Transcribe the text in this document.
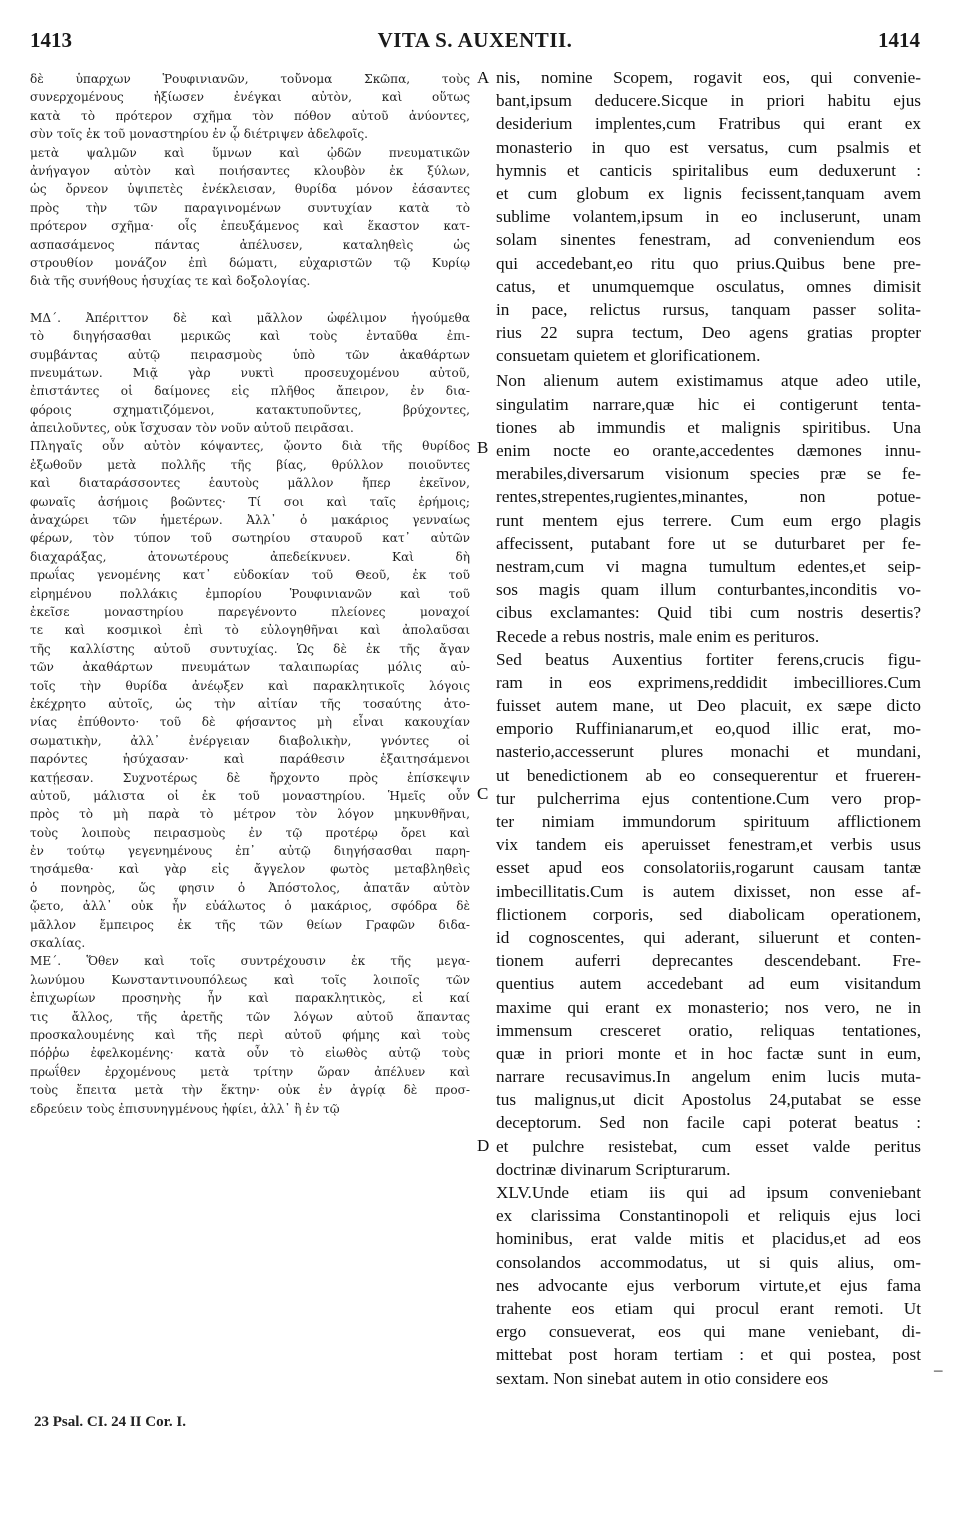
1413	VITA S. AUXENTII.	1414
δὲ ὑπαρχων Ῥουφινιανῶν, τοὔνομα Σκῶπα, τοὺς
συνερχομένους ἠξίωσεν ἐνέγκαι αὐτὸν, καὶ οὕτως
κατὰ τὸ πρότερον σχῆμα τὸν πόθον αὐτοῦ ἀνύοντες,
σὺν τοῖς ἐκ τοῦ μοναστηρίου ἐν ᾧ διέτριψεν ἀδελφοῖς.
μετὰ ψαλμῶν καὶ ὕμνων καὶ ᾠδῶν πνευματικῶν
ἀνήγαγον αὐτὸν καὶ ποιήσαντες κλουβὸν ἐκ ξύλων,
ὡς ὄρνεον ὑψιπετὲς ἐνέκλεισαν, θυρίδα μόνον ἐάσαντες
πρὸς τὴν τῶν παραγινομένων συντυχίαν κατὰ τὸ
πρότερον σχῆμα· οἷς ἐπευξάμενος καὶ ἕκαστον κατ-
ασπασάμενος πάντας ἀπέλυσεν, καταληθεὶς ὡς
στρουθίον μονάζον ἐπὶ δώματι, εὐχαριστῶν τῷ Κυρίῳ
διὰ τῆς συνήθους ἡσυχίας τε καὶ δοξολογίας.
ΜΔ΄. Ἀπέριττον δὲ καὶ μᾶλλον ὠφέλιμον ἡγούμεθα
τὸ διηγήσασθαι μερικῶς καὶ τοὺς ἐνταῦθα ἐπι-
συμβάντας αὐτῷ πειρασμοὺς ὑπὸ τῶν ἀκαθάρτων
πνευμάτων. Μιᾷ γὰρ νυκτὶ προσευχομένου αὐτοῦ,
ἐπιστάντες οἱ δαίμονες εἰς πλῆθος ἄπειρον, ἐν δια-
φόροις σχηματιζόμενοι, κατακτυποῦντες, βρύχοντες,
ἀπειλοῦντες, οὐκ ἴσχυσαν τὸν νοῦν αὐτοῦ πειρᾶσαι.
Πληγαῖς οὖν αὐτὸν κόψαντες, ᾤοντο διὰ τῆς θυρίδος
ἐξωθοῦν μετὰ πολλῆς τῆς βίας, θρύλλον ποιοῦντες
καὶ διαταράσσοντες ἑαυτοὺς μᾶλλον ἤπερ ἐκεῖνον,
φωναῖς ἀσήμοις βοῶντες· Τί σοι καὶ ταῖς ἐρήμοις;
ἀναχώρει τῶν ἡμετέρων. Ἀλλ᾽ ὁ μακάριος γενναίως
φέρων, τὸν τύπον τοῦ σωτηρίου σταυροῦ κατ᾽ αὐτῶν
διαχαράξας, ἀτονωτέρους ἀπεδείκνυεν. Καὶ δὴ
πρωΐας γενομένης κατ᾽ εὐδοκίαν τοῦ Θεοῦ, ἐκ τοῦ
εἰρημένου πολλάκις ἐμπορίου Ῥουφινιανῶν καὶ τοῦ
ἐκεῖσε μοναστηρίου παρεγένοντο πλείονες μοναχοί
τε καὶ κοσμικοὶ ἐπὶ τὸ εὐλογηθῆναι καὶ ἀπολαῦσαι
τῆς καλλίστης αὐτοῦ συντυχίας. Ὡς δὲ ἐκ τῆς ἄγαν
τῶν ἀκαθάρτων πνευμάτων ταλαιπωρίας μόλις αὐ-
τοῖς τὴν θυρίδα ἀνέῳξεν καὶ παρακλητικοῖς λόγοις
ἐκέχρητο αὐτοῖς, ὡς τὴν αἰτίαν τῆς τοσαύτης ἀτο-
νίας ἐπύθοντο· τοῦ δὲ φήσαντος μὴ εἶναι κακουχίαν
σωματικὴν, ἀλλ᾽ ἐνέργειαν διαβολικὴν, γνόντες οἱ
παρόντες ἡσύχασαν· καὶ παράθεσιν ἐξαιτησάμενοι
κατῄεσαν. Συχνοτέρως δὲ ἤρχοντο πρὸς ἐπίσκεψιν
αὐτοῦ, μάλιστα οἱ ἐκ τοῦ μοναστηρίου. Ἡμεῖς οὖν
πρὸς τὸ μὴ παρὰ τὸ μέτρον τὸν λόγον μηκυνθῆναι,
τοὺς λοιποὺς πειρασμοὺς ἐν τῷ προτέρῳ ὄρει καὶ
ἐν τούτῳ γεγενημένους ἐπ᾽ αὐτῷ διηγήσασθαι παρη-
τησάμεθα· καὶ γὰρ εἰς ἄγγελον φωτὸς μεταβληθεὶς
ὁ πονηρὸς, ὥς φησιν ὁ Ἀπόστολος, ἀπατᾶν αὐτὸν
ᾤετο, ἀλλ᾽ οὐκ ἦν εὐάλωτος ὁ μακάριος, σφόδρα δὲ
μᾶλλον ἔμπειρος ἐκ τῆς τῶν θείων Γραφῶν διδα-
σκαλίας.
ΜΕ΄. Ὅθεν καὶ τοῖς συντρέχουσιν ἐκ τῆς μεγα-
λωνύμου Κωνσταντινουπόλεως καὶ τοῖς λοιποῖς τῶν
ἐπιχωρίων προσηνὴς ἦν καὶ παρακλητικὸς, εἰ καί
τις ἄλλος, τῆς ἀρετῆς τῶν λόγων αὐτοῦ ἅπαντας
προσκαλουμένης καὶ τῆς περὶ αὐτοῦ φήμης καὶ τοὺς
πόῤῥω ἐφελκομένης· κατὰ οὖν τὸ εἰωθὸς αὐτῷ τοὺς
πρωΐθεν ἐρχομένους μετὰ τρίτην ὥραν ἀπέλυεν καὶ
τοὺς ἔπειτα μετὰ τὴν ἕκτην· οὐκ ἐν ἀγρίᾳ δὲ προσ-
εδρεύειν τοὺς ἐπισυνηγμένους ἠφίει, ἀλλ᾽ ἢ ἐν τῷ
nis, nomine Scopem, rogavit eos, qui convenie-
bant,ipsum deducere.Sicque in priori habitu ejus
desiderium implentes,cum Fratribus qui erant ex
monasterio in quo est versatus, cum psalmis et
hymnis et canticis spiritalibus eum deduxerunt :
et cum globum ex lignis fecissent,tanquam avem
sublime volantem,ipsum in eo incluserunt, unam
solam sinentes fenestram, ad conveniendum eos
qui accedebant,eo ritu quo prius.Quibus bene pre-
catus, et unumquemque osculatus, omnes dimisit
in pace, relictus rursus, tanquam passer solita-
rius 22 supra tectum, Deo agens gratias propter
consuetam quietem et glorificationem.
Non alienum autem existimamus atque adeo utile,
singulatim narrare,quæ hic ei contigerunt tenta-
tiones ab immundis et malignis spiritibus. Una
enim nocte eo orante,accedentes dæmones innu-
merabiles,diversarum visionum species præ se fe-
rentes,strepentes,rugientes,minantes, non potue-
runt mentem ejus terrere. Cum eum ergo plagis
affecissent, putabant fore ut se duturbaret per fe-
nestram,cum vi magna tumultum edentes,et seip-
sos magis quam illum conturbantes,inconditis vo-
cibus exclamantes: Quid tibi cum nostris desertis?
Recede a rebus nostris, male enim es perituros.
Sed beatus Auxentius fortiter ferens,crucis figu-
ram in eos exprimens,reddidit imbecilliores.Cum
fuisset autem mane, ut Deo placuit, ex sæpe dicto
emporio Ruffinianarum,et eo,quod illic erat, mo-
nasterio,accesserunt plures monachi et mundani,
ut benedictionem ab eo consequerentur et fruerен-
tur pulcherrima ejus contentione.Cum vero prop-
ter nimiam immundorum spirituum afflictionem
vix tandem eis aperuisset fenestram,et verbis usus
esset apud eos consolatoriis,rogarunt causam tantæ
imbecillitatis.Cum is autem dixisset, non esse af-
flictionem corporis, sed diabolicam operationem,
id cognoscentes, qui aderant, siluerunt et conten-
tionem auferri deprecantes descendebant. Fre-
quentius autem accedebant ad eum visitandum
maxime qui erant ex monasterio; nos vero, ne in
immensum cresceret oratio, reliquas tentationes,
quæ in priori monte et in hoc factæ sunt in eum,
narrare recusavimus.In angelum enim lucis muta-
tus malignus,ut dicit Apostolus 24,putabat se esse
deceptorum. Sed non facile capi poterat beatus :
et pulchre resistebat, cum esset valde peritus
doctrinæ divinarum Scripturarum.
XLV.Unde etiam iis qui ad ipsum conveniebant
ex clarissima Constantinopoli et reliquis ejus loci
hominibus, erat valde mitis et placidus,et ad eos
consolandos accommodatus, ut si quis alius, om-
nes advocante ejus verborum virtute,et ejus fama
trahente eos etiam qui procul erant remoti. Ut
ergo consueverat, eos qui mane veniebant, di-
mittebat post horam tertiam : et qui postea, post
sextam. Non sinebat autem in otio considere eos
A
B
C
D
–
23 Psal. CI. 24 II Cor. I.
